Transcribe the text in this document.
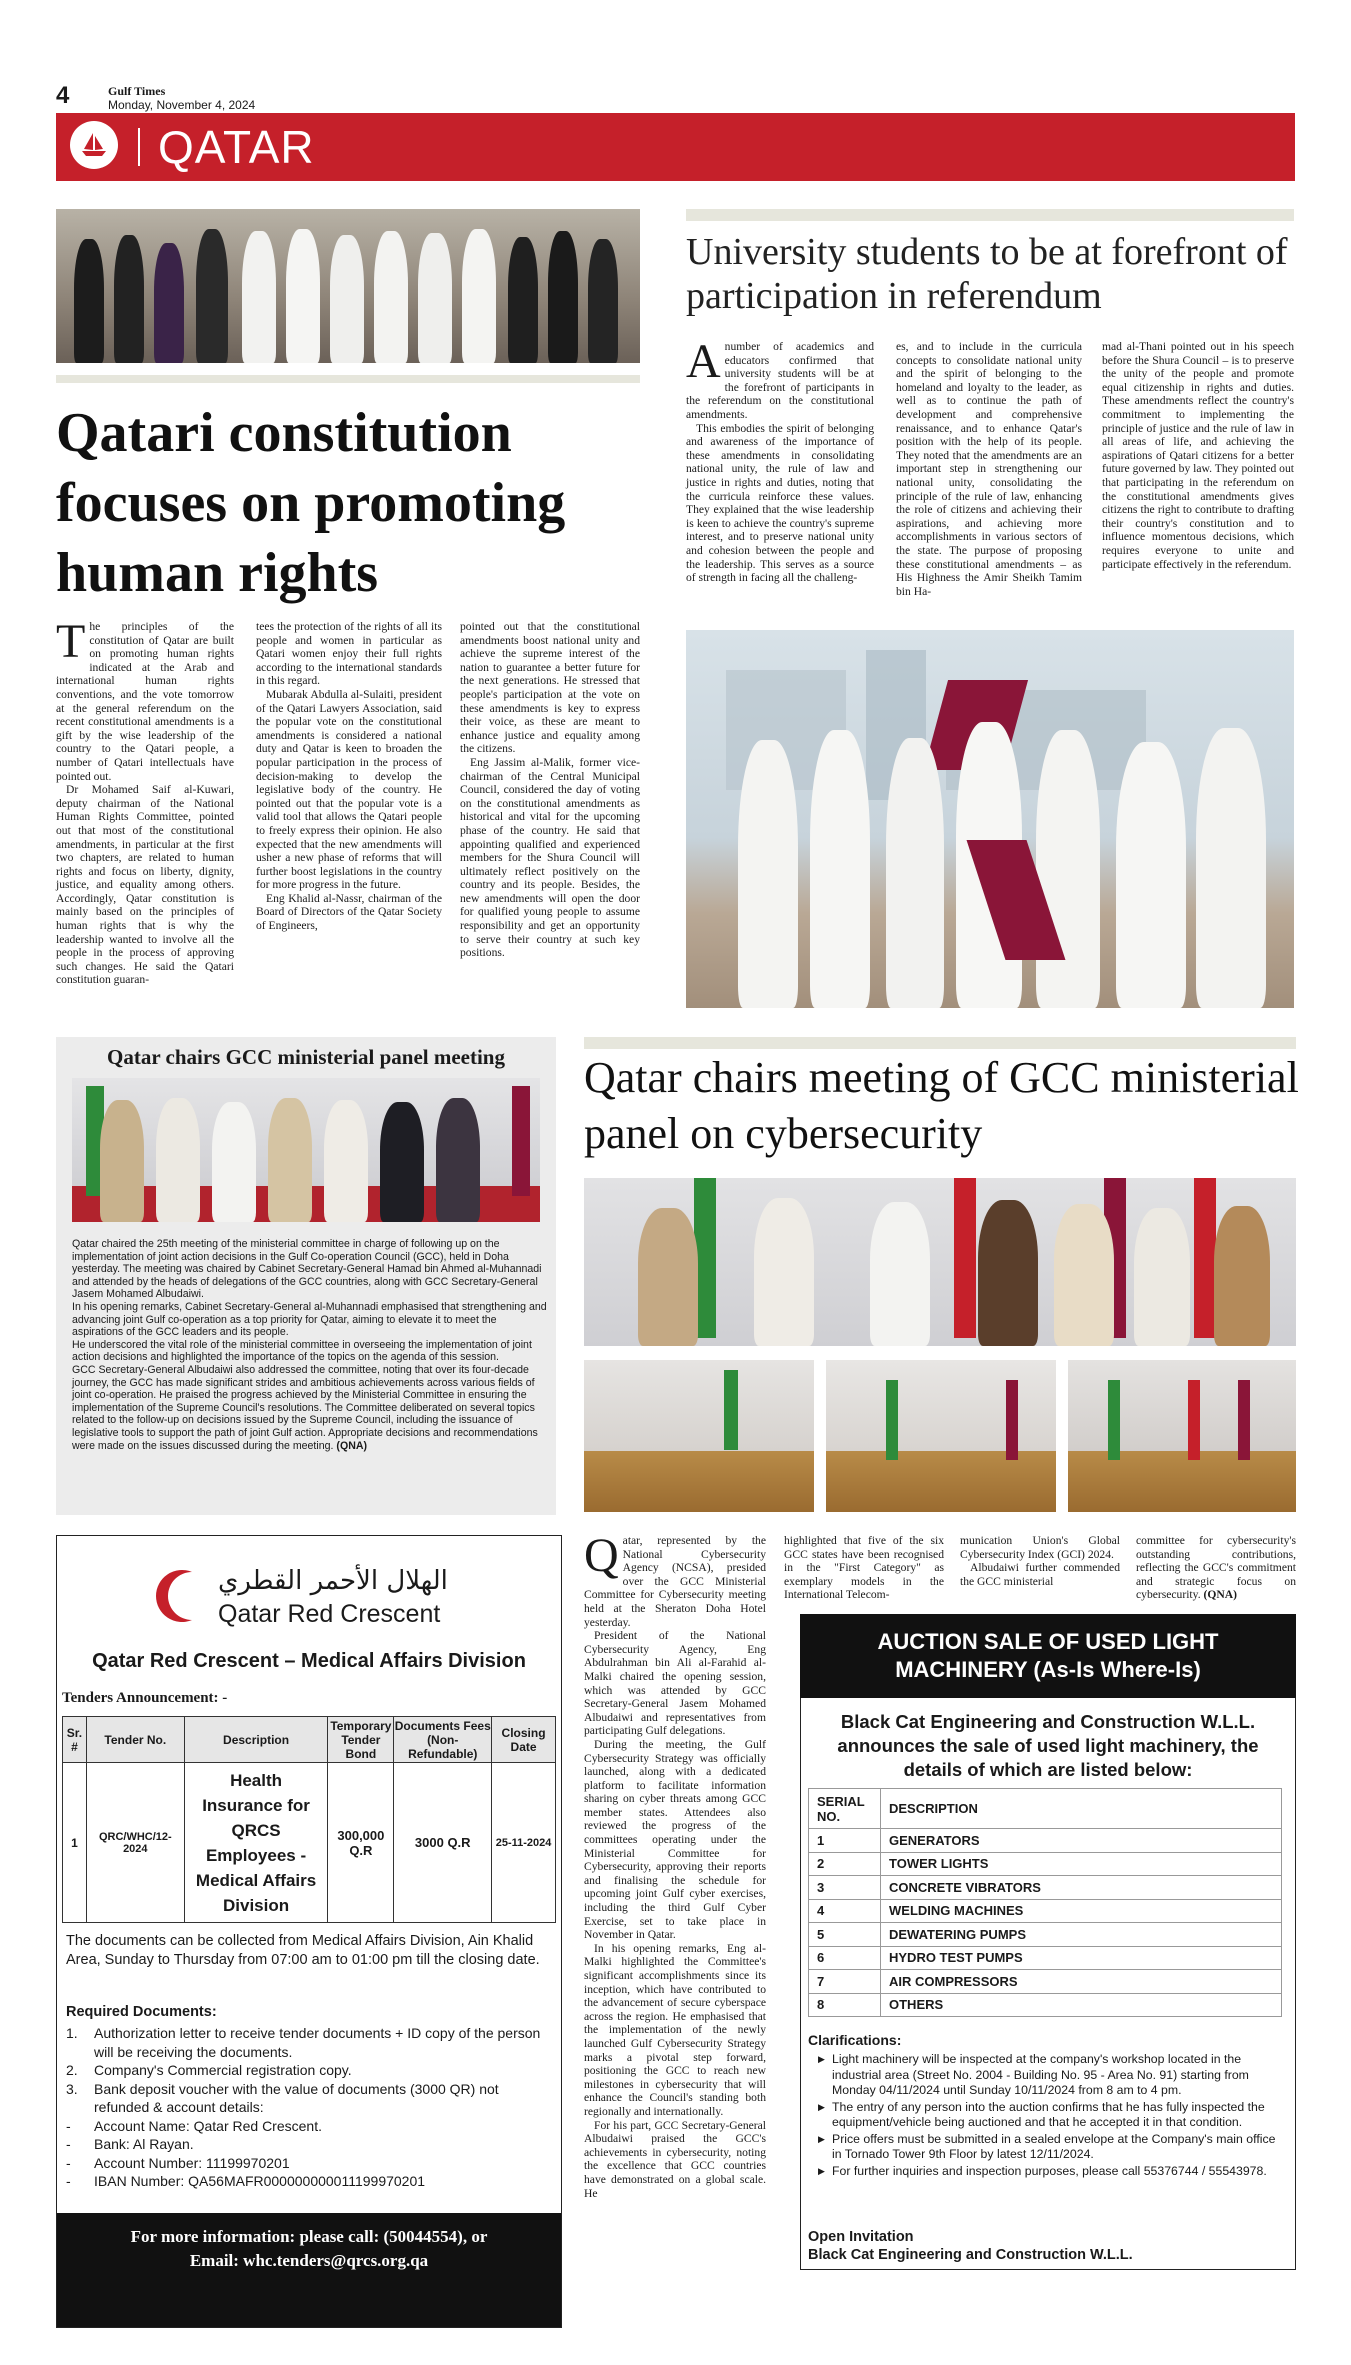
4	Gulf Times
Monday, November 4, 2024
QATAR
Qatari constitution focuses on promoting human rights
T he principles of the constitution of Qatar are built on promoting human rights indicated at the Arab and international human rights conventions, and the vote tomorrow at the general referendum on the recent constitutional amendments is a gift by the wise leadership of the country to the Qatari people, a number of Qatari intellectuals have pointed out.

Dr Mohamed Saif al-Kuwari, deputy chairman of the National Human Rights Committee, pointed out that most of the constitutional amendments, in particular at the first two chapters, are related to human rights and focus on liberty, dignity, justice, and equality among others. Accordingly, Qatar constitution is mainly based on the principles of human rights that is why the leadership wanted to involve all the people in the process of approving such changes. He said the Qatari constitution guaran-

tees the protection of the rights of all its people and women in particular as Qatari women enjoy their full rights according to the international standards in this regard.

Mubarak Abdulla al-Sulaiti, president of the Qatari Lawyers Association, said the popular vote on the constitutional amendments is considered a national duty and Qatar is keen to broaden the popular participation in the process of decision-making to develop the legislative body of the country. He pointed out that the popular vote is a valid tool that allows the Qatari people to freely express their opinion. He also expected that the new amendments will usher a new phase of reforms that will further boost legislations in the country for more progress in the future.

Eng Khalid al-Nassr, chairman of the Board of Directors of the Qatar Society of Engineers,

pointed out that the constitutional amendments boost national unity and achieve the supreme interest of the nation to guarantee a better future for the next generations. He stressed that people's participation at the vote on these amendments is key to express their voice, as these are meant to enhance justice and equality among the citizens.

Eng Jassim al-Malik, former vice-chairman of the Central Municipal Council, considered the day of voting on the constitutional amendments as historical and vital for the upcoming phase of the country. He said that appointing qualified and experienced members for the Shura Council will ultimately reflect positively on the country and its people. Besides, the new amendments will open the door for qualified young people to assume responsibility and get an opportunity to serve their country at such key positions.

University students to be at forefront of participation in referendum
A number of academics and educators confirmed that university students will be at the forefront of participants in the referendum on the constitutional amendments.

This embodies the spirit of belonging and awareness of the importance of these amendments in consolidating national unity, the rule of law and justice in rights and duties, noting that the curricula reinforce these values. They explained that the wise leadership is keen to achieve the country's supreme interest, and to preserve national unity and cohesion between the people and the leadership. This serves as a source of strength in facing all the challeng-

es, and to include in the curricula concepts to consolidate national unity and the spirit of belonging to the homeland and loyalty to the leader, as well as to continue the path of development and comprehensive renaissance, and to enhance Qatar's position with the help of its people. They noted that the amendments are an important step in strengthening our national unity, consolidating the principle of the rule of law, enhancing the role of citizens and achieving their aspirations, and achieving more accomplishments in various sectors of the state. The purpose of proposing these constitutional amendments – as His Highness the Amir Sheikh Tamim bin Ha-

mad al-Thani pointed out in his speech before the Shura Council – is to preserve the unity of the people and promote equal citizenship in rights and duties. These amendments reflect the country's commitment to implementing the principle of justice and the rule of law in all areas of life, and achieving the aspirations of Qatari citizens for a better future governed by law. They pointed out that participating in the referendum on the constitutional amendments gives citizens the right to contribute to drafting their country's constitution and to influence momentous decisions, which requires everyone to unite and participate effectively in the referendum.

Qatar chairs GCC ministerial panel meeting
Qatar chaired the 25th meeting of the ministerial committee in charge of following up on the implementation of joint action decisions in the Gulf Co-operation Council (GCC), held in Doha yesterday. The meeting was chaired by Cabinet Secretary-General Hamad bin Ahmed al-Muhannadi and attended by the heads of delegations of the GCC countries, along with GCC Secretary-General Jasem Mohamed Albudaiwi.
In his opening remarks, Cabinet Secretary-General al-Muhannadi emphasised that strengthening and advancing joint Gulf co-operation as a top priority for Qatar, aiming to elevate it to meet the aspirations of the GCC leaders and its people.
He underscored the vital role of the ministerial committee in overseeing the implementation of joint action decisions and highlighted the importance of the topics on the agenda of this session.
GCC Secretary-General Albudaiwi also addressed the committee, noting that over its four-decade journey, the GCC has made significant strides and ambitious achievements across various fields of joint co-operation. He praised the progress achieved by the Ministerial Committee in ensuring the implementation of the Supreme Council's resolutions. The Committee deliberated on several topics related to the follow-up on decisions issued by the Supreme Council, including the issuance of legislative tools to support the path of joint Gulf action. Appropriate decisions and recommendations were made on the issues discussed during the meeting. (QNA)
Qatar chairs meeting of GCC ministerial panel on cybersecurity
Q atar, represented by the National Cybersecurity Agency (NCSA), presided over the GCC Ministerial Committee for Cybersecurity meeting held at the Sheraton Doha Hotel yesterday.

President of the National Cybersecurity Agency, Eng Abdulrahman bin Ali al-Farahid al-Malki chaired the opening session, which was attended by GCC Secretary-General Jasem Mohamed Albudaiwi and representatives from participating Gulf delegations.

During the meeting, the Gulf Cybersecurity Strategy was officially launched, along with a dedicated platform to facilitate information sharing on cyber threats among GCC member states. Attendees also reviewed the progress of the committees operating under the Ministerial Committee for Cybersecurity, approving their reports and finalising the schedule for upcoming joint Gulf cyber exercises, including the third Gulf Cyber Exercise, set to take place in November in Qatar.

In his opening remarks, Eng al-Malki highlighted the Committee's significant accomplishments since its inception, which have contributed to the advancement of secure cyberspace across the region. He emphasised that the implementation of the newly launched Gulf Cybersecurity Strategy marks a pivotal step forward, positioning the GCC to reach new milestones in cybersecurity that will enhance the Council's standing both regionally and internationally.

For his part, GCC Secretary-General Albudaiwi praised the GCC's achievements in cybersecurity, noting the excellence that GCC countries have demonstrated on a global scale. He

highlighted that five of the six GCC states have been recognised in the "First Category" as exemplary models in the International Telecom-

munication Union's Global Cybersecurity Index (GCI) 2024.

Albudaiwi further commended the GCC ministerial

committee for cybersecurity's outstanding contributions, reflecting the GCC's commitment and strategic focus on cybersecurity. (QNA)

الهلال الأحمر القطري
Qatar Red Crescent
Qatar Red Crescent – Medical Affairs Division
Tenders Announcement: -
Sr. #	Tender No.	Description	Temporary Tender Bond	Documents Fees (Non-Refundable)	Closing Date
1	QRC/WHC/12-2024	Health Insurance for QRCS Employees - Medical Affairs Division	300,000 Q.R	3000 Q.R	25-11-2024
The documents can be collected from Medical Affairs Division, Ain Khalid Area, Sunday to Thursday from 07:00 am to 01:00 pm till the closing date.
Required Documents:
1.	Authorization letter to receive tender documents + ID copy of the person will be receiving the documents.
2.	Company's Commercial registration copy.
3.	Bank deposit voucher with the value of documents (3000 QR) not refunded & account details:
-	Account Name: Qatar Red Crescent.
-	Bank: Al Rayan.
-	Account Number: 11199970201
-	IBAN Number: QA56MAFR000000000011199970201
For more information: please call: (50044554), or
Email: whc.tenders@qrcs.org.qa
AUCTION SALE OF USED LIGHT
MACHINERY (As-Is Where-Is)
Black Cat Engineering and Construction W.L.L. announces the sale of used light machinery, the details of which are listed below:
SERIAL NO.	DESCRIPTION
1	GENERATORS
2	TOWER LIGHTS
3	CONCRETE VIBRATORS
4	WELDING MACHINES
5	DEWATERING PUMPS
6	HYDRO TEST PUMPS
7	AIR COMPRESSORS
8	OTHERS
Clarifications:
▶ Light machinery will be inspected at the company's workshop located in the industrial area (Street No. 2004 - Building No. 95 - Area No. 91) starting from Monday 04/11/2024 until Sunday 10/11/2024 from 8 am to 4 pm.
▶ The entry of any person into the auction confirms that he has fully inspected the equipment/vehicle being auctioned and that he accepted it in that condition.
▶ Price offers must be submitted in a sealed envelope at the Company's main office in Tornado Tower 9th Floor by latest 12/11/2024.
▶ For further inquiries and inspection purposes, please call 55376744 / 55543978.
Open Invitation
Black Cat Engineering and Construction W.L.L.
